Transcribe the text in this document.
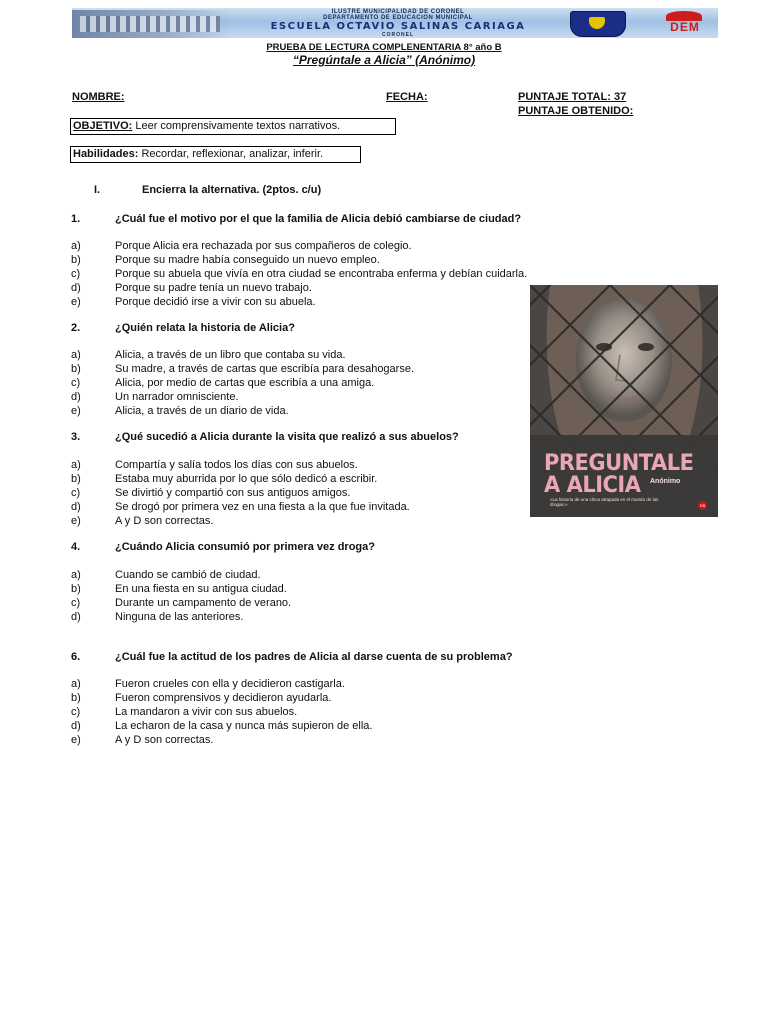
ILUSTRE MUNICIPALIDAD DE CORONEL
DEPARTAMENTO DE EDUCACION MUNICIPAL
ESCUELA OCTAVIO SALINAS CARIAGA
CORONEL
DEM
PRUEBA DE LECTURA COMPLENENTARIA 8° año B
“Pregúntale a Alicia” (Anónimo)
NOMBRE:	FECHA:	PUNTAJE TOTAL: 37
PUNTAJE OBTENIDO:
OBJETIVO: Leer comprensivamente textos narrativos.
Habilidades: Recordar, reflexionar, analizar, inferir.
I.	Encierra la alternativa. (2ptos. c/u)
1.	¿Cuál fue el motivo por el que la familia de Alicia debió cambiarse de ciudad?
a)	Porque Alicia era rechazada por sus compañeros de colegio.
b)	Porque su madre había conseguido un nuevo empleo.
c)	Porque su abuela que vivía en otra ciudad se encontraba enferma y debían cuidarla.
d)	Porque su padre tenía un nuevo trabajo.
e)	Porque decidió irse a vivir con su abuela.
2.	¿Quién relata la historia de Alicia?
a)	Alicia, a través de un libro que contaba su vida.
b)	Su madre, a través de cartas que escribía para desahogarse.
c)	Alicia, por medio de cartas que escribía a una amiga.
d)	Un narrador omnisciente.
e)	Alicia, a través de un diario de vida.
3.	¿Qué sucedió a Alicia durante la visita que realizó a sus abuelos?
a)	Compartía y salía todos los días con sus abuelos.
b)	Estaba muy aburrida por lo que sólo dedicó a escribir.
c)	Se divirtió y compartió con sus antiguos amigos.
d)	Se drogó por primera vez en una fiesta a la que fue invitada.
e)	A y D son correctas.
4.	¿Cuándo Alicia consumió por primera vez droga?
a)	Cuando se cambió de ciudad.
b)	En una fiesta en su antigua ciudad.
c)	Durante un campamento de verano.
d)	Ninguna de las anteriores.
6.	¿Cuál fue la actitud de los padres de Alicia al darse cuenta de su problema?
a)	Fueron crueles con ella y decidieron castigarla.
b)	Fueron comprensivos y decidieron ayudarla.
c)	La mandaron a vivir con sus abuelos.
d)	La echaron de la casa y nunca más supieron de ella.
e)	A y D son correctas.
PREGUNTALE
A ALICIA	Anónimo
«La historia de una chica atrapada en el mundo de las drogas.»	DB
